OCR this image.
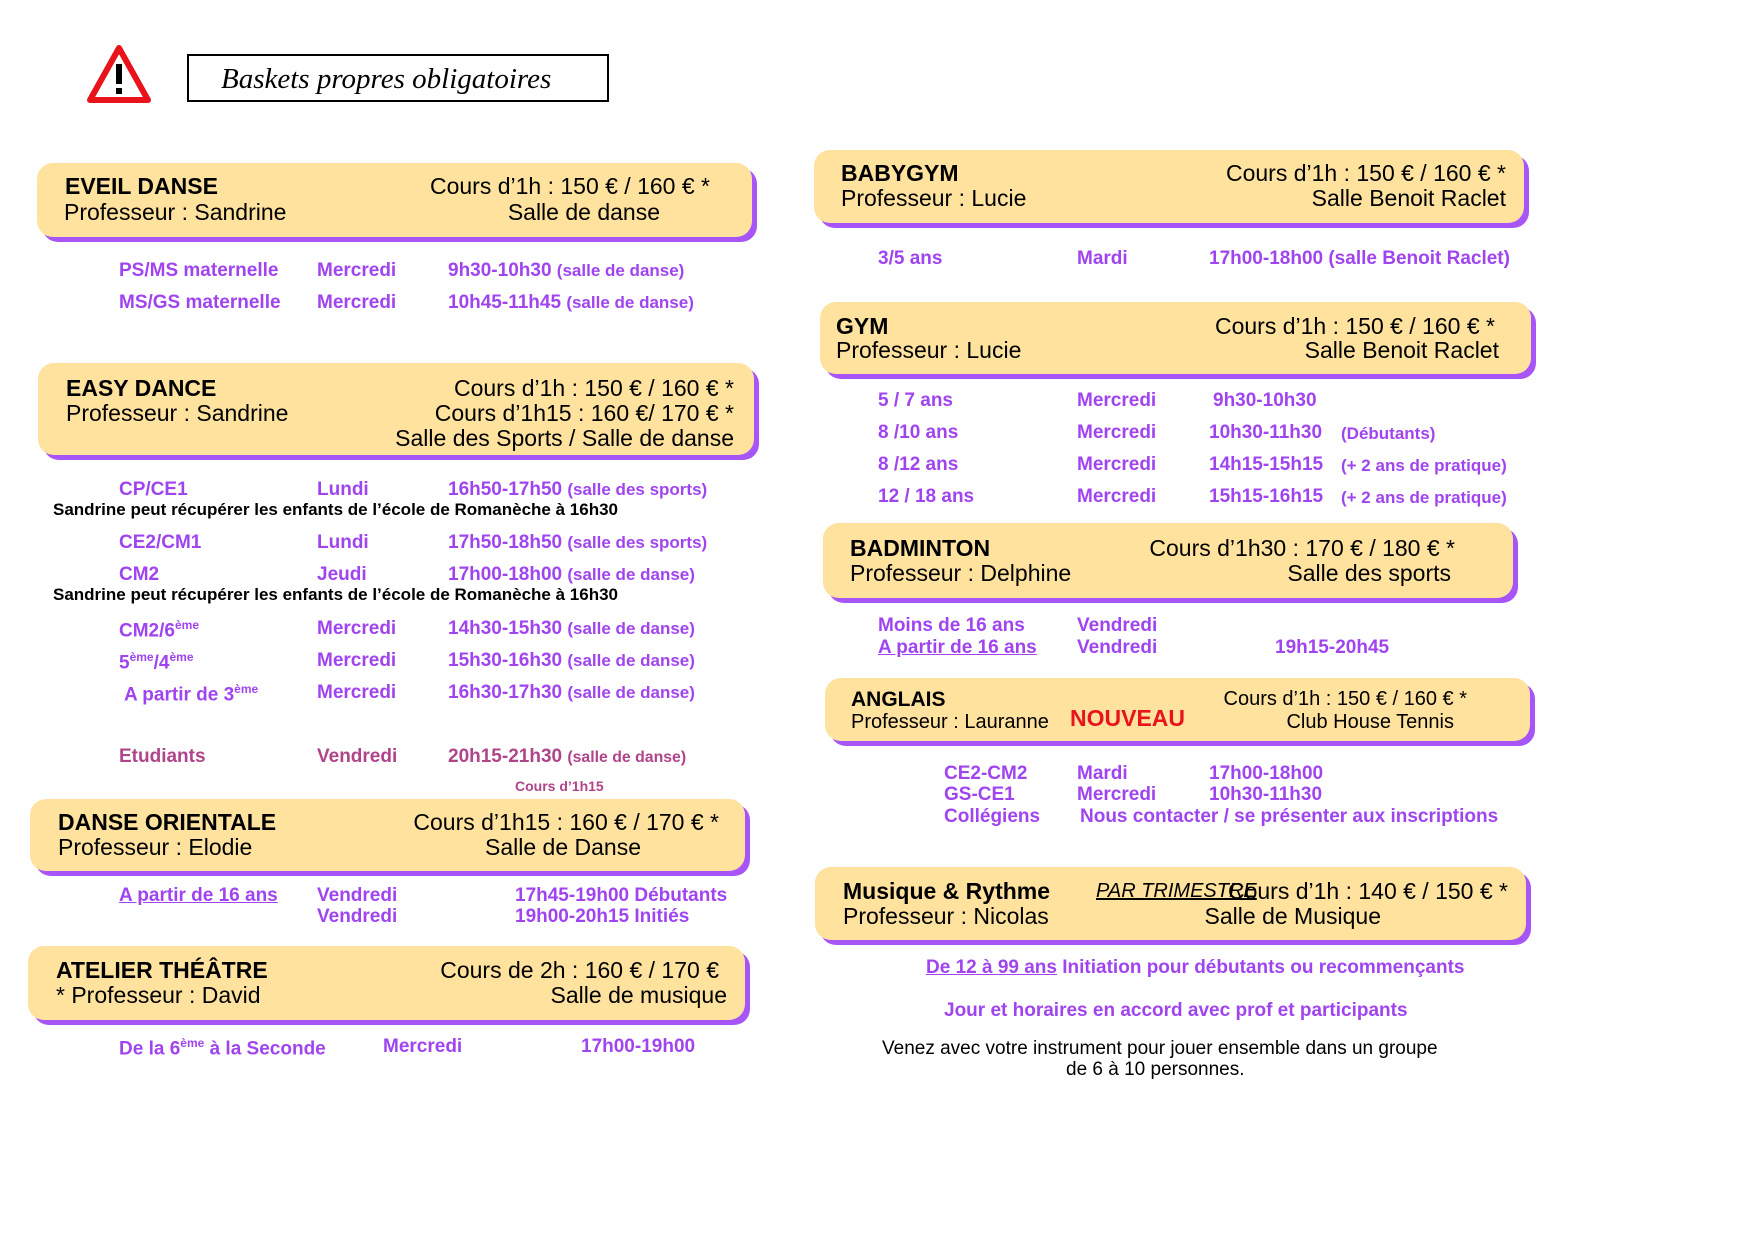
Baskets propres obligatoires
EVEIL DANSE
Professeur : Sandrine
Cours d’1h : 150 € / 160 € *
Salle de danse
PS/MS maternelle Mercredi	9h30-10h30 (salle de danse)
MS/GS maternelle Mercredi	10h45-11h45 (salle de danse)
EASY DANCE
Professeur : Sandrine
Cours d’1h : 150 € / 160 € *
Cours d’1h15 : 160 €/ 170 € *
Salle des Sports / Salle de danse
CP/CE1	Lundi	16h50-17h50 (salle des sports)
Sandrine peut récupérer les enfants de l’école de Romanèche à 16h30
CE2/CM1	Lundi	17h50-18h50 (salle des sports)
CM2	Jeudi	17h00-18h00 (salle de danse)
Sandrine peut récupérer les enfants de l’école de Romanèche à 16h30
CM2/6ème	Mercredi	14h30-15h30 (salle de danse)
5ème/4ème	Mercredi	15h30-16h30 (salle de danse)
A partir de 3ème	Mercredi	16h30-17h30 (salle de danse)
Etudiants	Vendredi	20h15-21h30 (salle de danse)
Cours d’1h15
DANSE ORIENTALE
Professeur : Elodie
Cours d’1h15 : 160 € / 170 € *
Salle de Danse
A partir de 16 ans Vendredi	17h45-19h00 Débutants
Vendredi	19h00-20h15 Initiés
ATELIER THÉÂTRE
* Professeur : David
Cours de 2h : 160 € / 170 €
Salle de musique
De la 6ème à la Seconde	Mercredi	17h00-19h00
BABYGYM
Professeur : Lucie
Cours d’1h : 150 € / 160 € *
Salle Benoit Raclet
3/5 ans	Mardi	17h00-18h00 (salle Benoit Raclet)
GYM
Professeur : Lucie
Cours d’1h : 150 € / 160 € *
Salle Benoit Raclet
5 / 7 ans	Mercredi	9h30-10h30
8 /10 ans	Mercredi	10h30-11h30 (Débutants)
8 /12 ans	Mercredi	14h15-15h15 (+ 2 ans de pratique)
12 / 18 ans	Mercredi	15h15-16h15 (+ 2 ans de pratique)
BADMINTON
Professeur : Delphine
Cours d’1h30 : 170 € / 180 € *
Salle des sports
Moins de 16 ans	Vendredi
A partir de 16 ans Vendredi	19h15-20h45
ANGLAIS
Professeur : Lauranne NOUVEAU
Cours d’1h : 150 € / 160 € *
Club House Tennis
CE2-CM2	Mardi	17h00-18h00
GS-CE1	Mercredi	10h30-11h30
Collégiens Nous contacter / se présenter aux inscriptions
Musique & Rythme
Professeur : Nicolas
PAR TRIMESTRE
Cours d’1h : 140 € / 150 € *
Salle de Musique
De 12 à 99 ans Initiation pour débutants ou recommençants
Jour et horaires en accord avec prof et participants
Venez avec votre instrument pour jouer ensemble dans un groupe
de 6 à 10 personnes.
